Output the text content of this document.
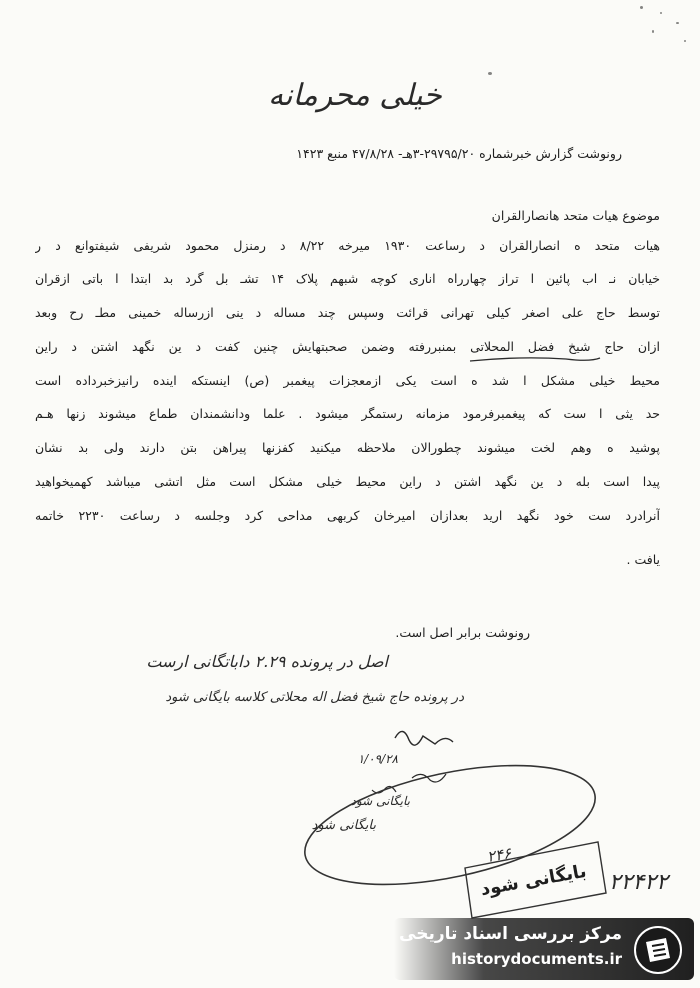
خیلی محرمانه
رونوشت گزارش خبرشماره ۲۹۷۹۵/۲۰-۳هـ- ۴۷/۸/۲۸ منبع ۱۴۲۳
موضوع هیات متحد هانصارالقران
هیات متحد ه انصارالقران د رساعت ۱۹۳۰ میرخه ۸/۲۲ د رمنزل محمود شریفی شیفتوانع د ر
خیابان نـ اب پائین ا تراز چهارراه اناری کوچه شبهم پلاک ۱۴ تشـ بل گرد بد ابتدا ا باتی ازقران
توسط حاج علی اصغر کیلی تهرانی قرائت وسپس چند مساله د ینی ازرساله خمینی مطـ رح وبعد
ازان حاج شیخ فضل المحلاتی بمنبررفته وضمن صحبتهایش چنین کفت د ین نگهد اشتن د راین
محیط خیلی مشکل ا شد ه است یکی ازمعجزات پیغمبر (ص) اینستکه اینده رانیزخبرداده است
حد یثی ا ست که پیغمبرفرمود مزمانه رستمگر میشود . علما ودانشمندان طماع میشوند زنها هـم
پوشید ه وهم لخت میشوند چطورالان ملاحظه میکنید کفزنها پیراهن بتن دارند ولی بد نشان
پیدا است بله د ین نگهد اشتن د راین محیط خیلی مشکل است مثل اتشی میباشد کهمیخواهید
آنرادرد ست خود نگهد ارید بعدازان امیرخان کربهی مداحی کرد وجلسه د رساعت ۲۲۳۰ خاتمه
یافت .
رونوشت برابر اصل است.
اصل در پرونده ۲.۲۹ داباتگانی ارست
در پرونده حاج شیخ فضل اله محلاتی کلاسه بایگانی شود
۱/۰۹/۲۸
بایگانی شود
بایگانی شود
۲۴۶
بایگانی شود ۲۲۴۲۲
مرکز بررسی اسناد تاریخی
historydocuments.ir
